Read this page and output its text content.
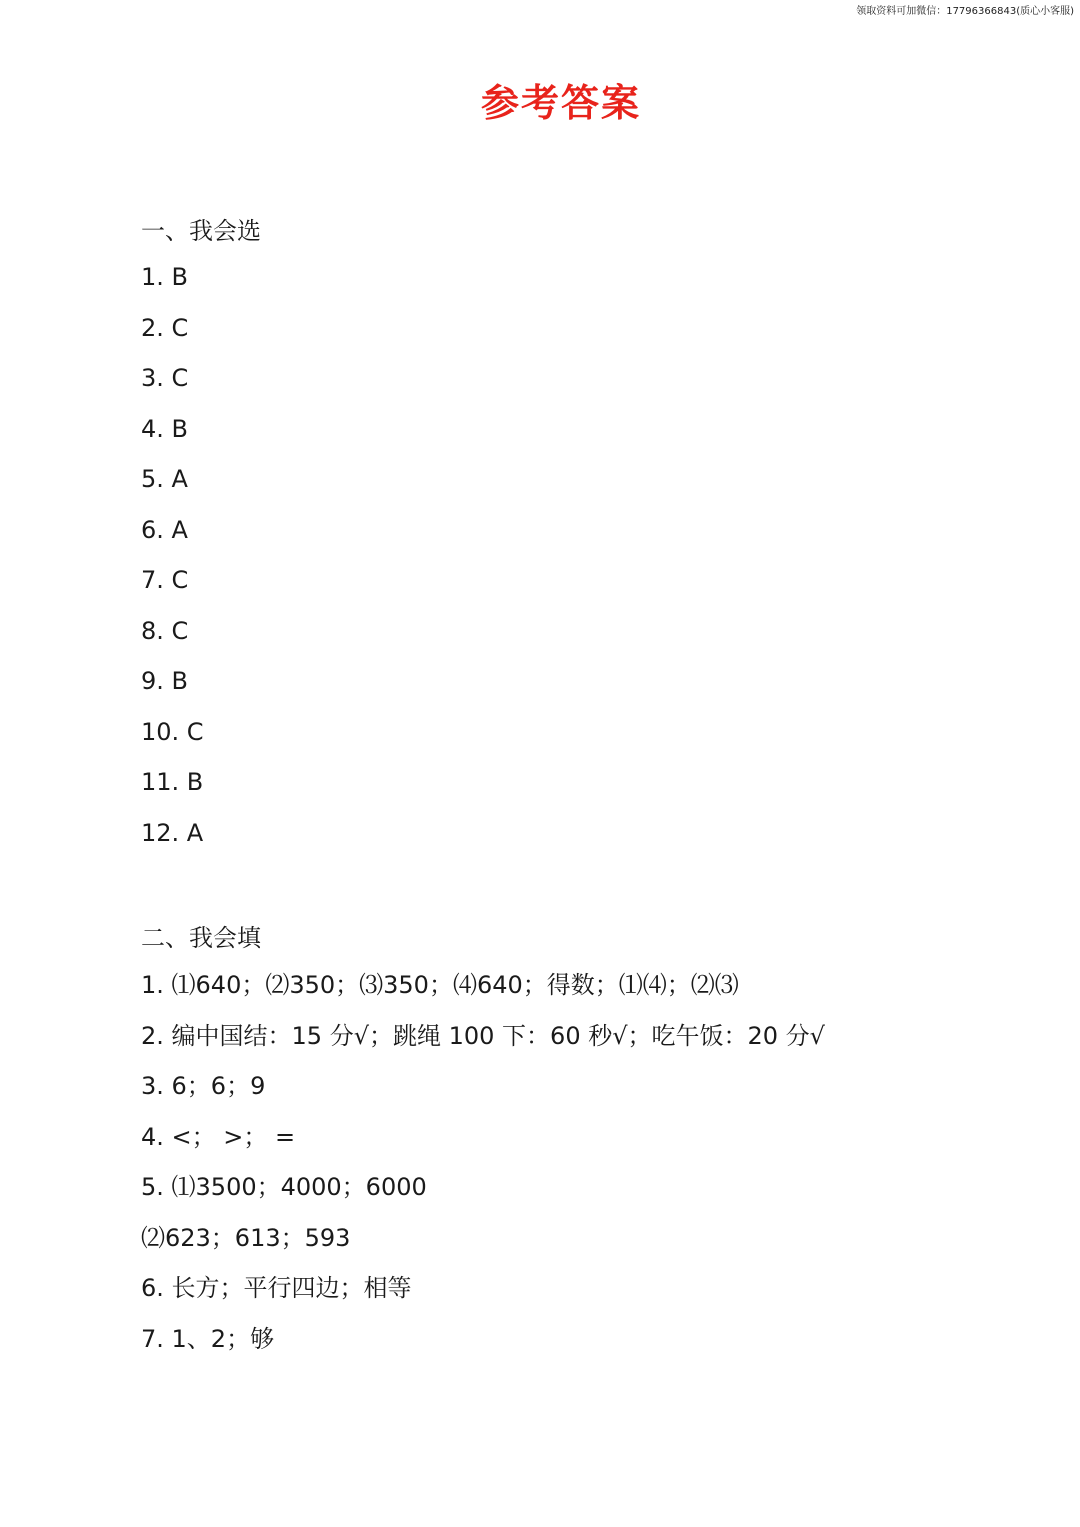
领取资料可加微信：17796366843(质心小客服)
参考答案
一、我会选
1. B
2. C
3. C
4. B
5. A
6. A
7. C
8. C
9. B
10. C
11. B
12. A
二、我会填
1. ⑴640；⑵350；⑶350；⑷640；得数；⑴⑷；⑵⑶
2. 编中国结：15 分√；跳绳 100 下：60 秒√；吃午饭：20 分√
3. 6；6；9
4. <； >； =
5. ⑴3500；4000；6000
⑵623；613；593
6. 长方；平行四边；相等
7. 1、2；够
